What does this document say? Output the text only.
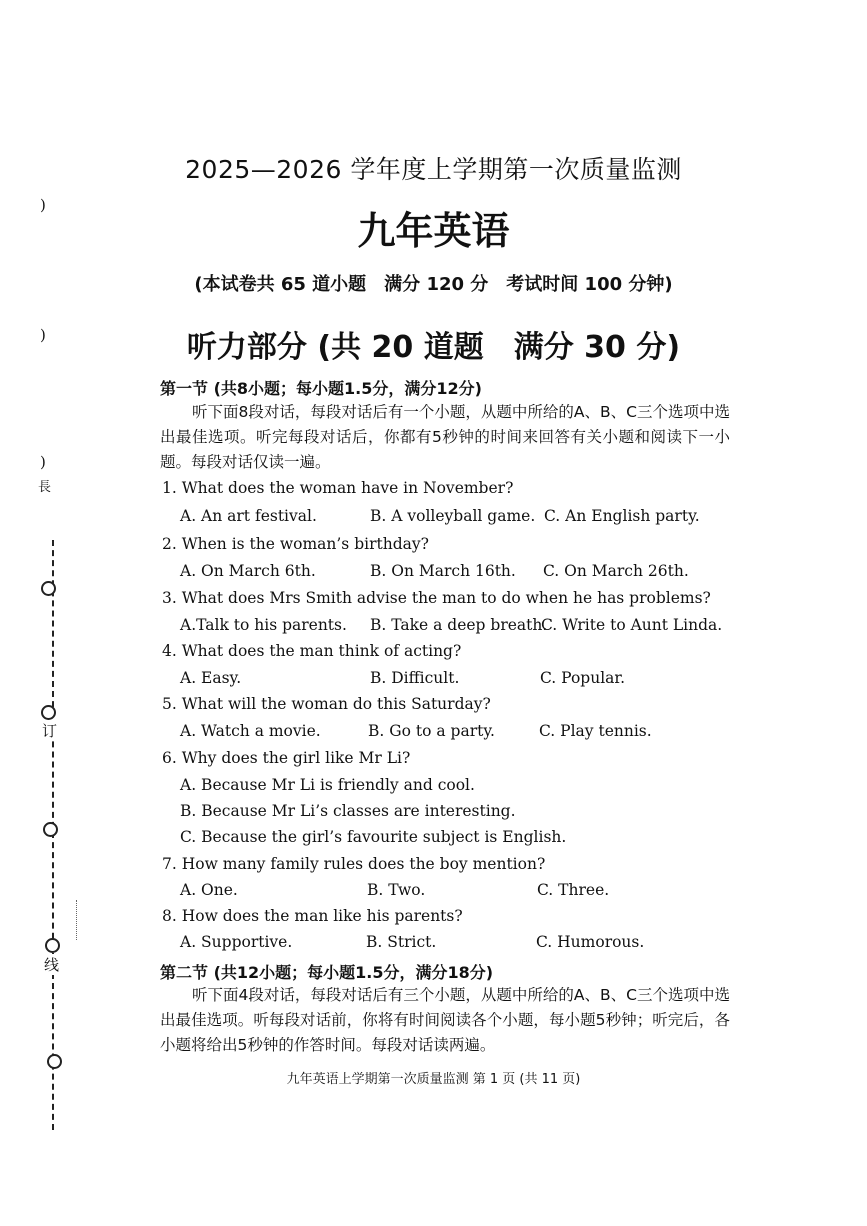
)
)
)
長
订
线
2025—2026 学年度上学期第一次质量监测
九年英语
(本试卷共 65 道小题　满分 120 分　考试时间 100 分钟)
听力部分 (共 20 道题　满分 30 分)
第一节 (共8小题；每小题1.5分，满分12分)
听下面8段对话，每段对话后有一个小题，从题中所给的A、B、C三个选项中选出最佳选项。听完每段对话后，你都有5秒钟的时间来回答有关小题和阅读下一小题。每段对话仅读一遍。
1. What does the woman have in November?
A. An art festival.	B. A volleyball game. C. An English party.
2. When is the woman’s birthday?
A. On March 6th.	B. On March 16th. C. On March 26th.
3. What does Mrs Smith advise the man to do when he has problems?
A.Talk to his parents. B. Take a deep breath.
C. Write to Aunt Linda.
4. What does the man think of acting?
A. Easy.	B. Difficult.	C. Popular.
5. What will the woman do this Saturday?
A. Watch a movie.	B. Go to a party.	C. Play tennis.
6. Why does the girl like Mr Li?
A. Because Mr Li is friendly and cool.
B. Because Mr Li’s classes are interesting.
C. Because the girl’s favourite subject is English.
7. How many family rules does the boy mention?
A. One.	B. Two.	C. Three.
8. How does the man like his parents?
A. Supportive.	B. Strict.	C. Humorous.
第二节 (共12小题；每小题1.5分，满分18分)
听下面4段对话，每段对话后有三个小题，从题中所给的A、B、C三个选项中选出最佳选项。听每段对话前，你将有时间阅读各个小题，每小题5秒钟；听完后，各小题将给出5秒钟的作答时间。每段对话读两遍。
九年英语上学期第一次质量监测 第 1 页 (共 11 页)
